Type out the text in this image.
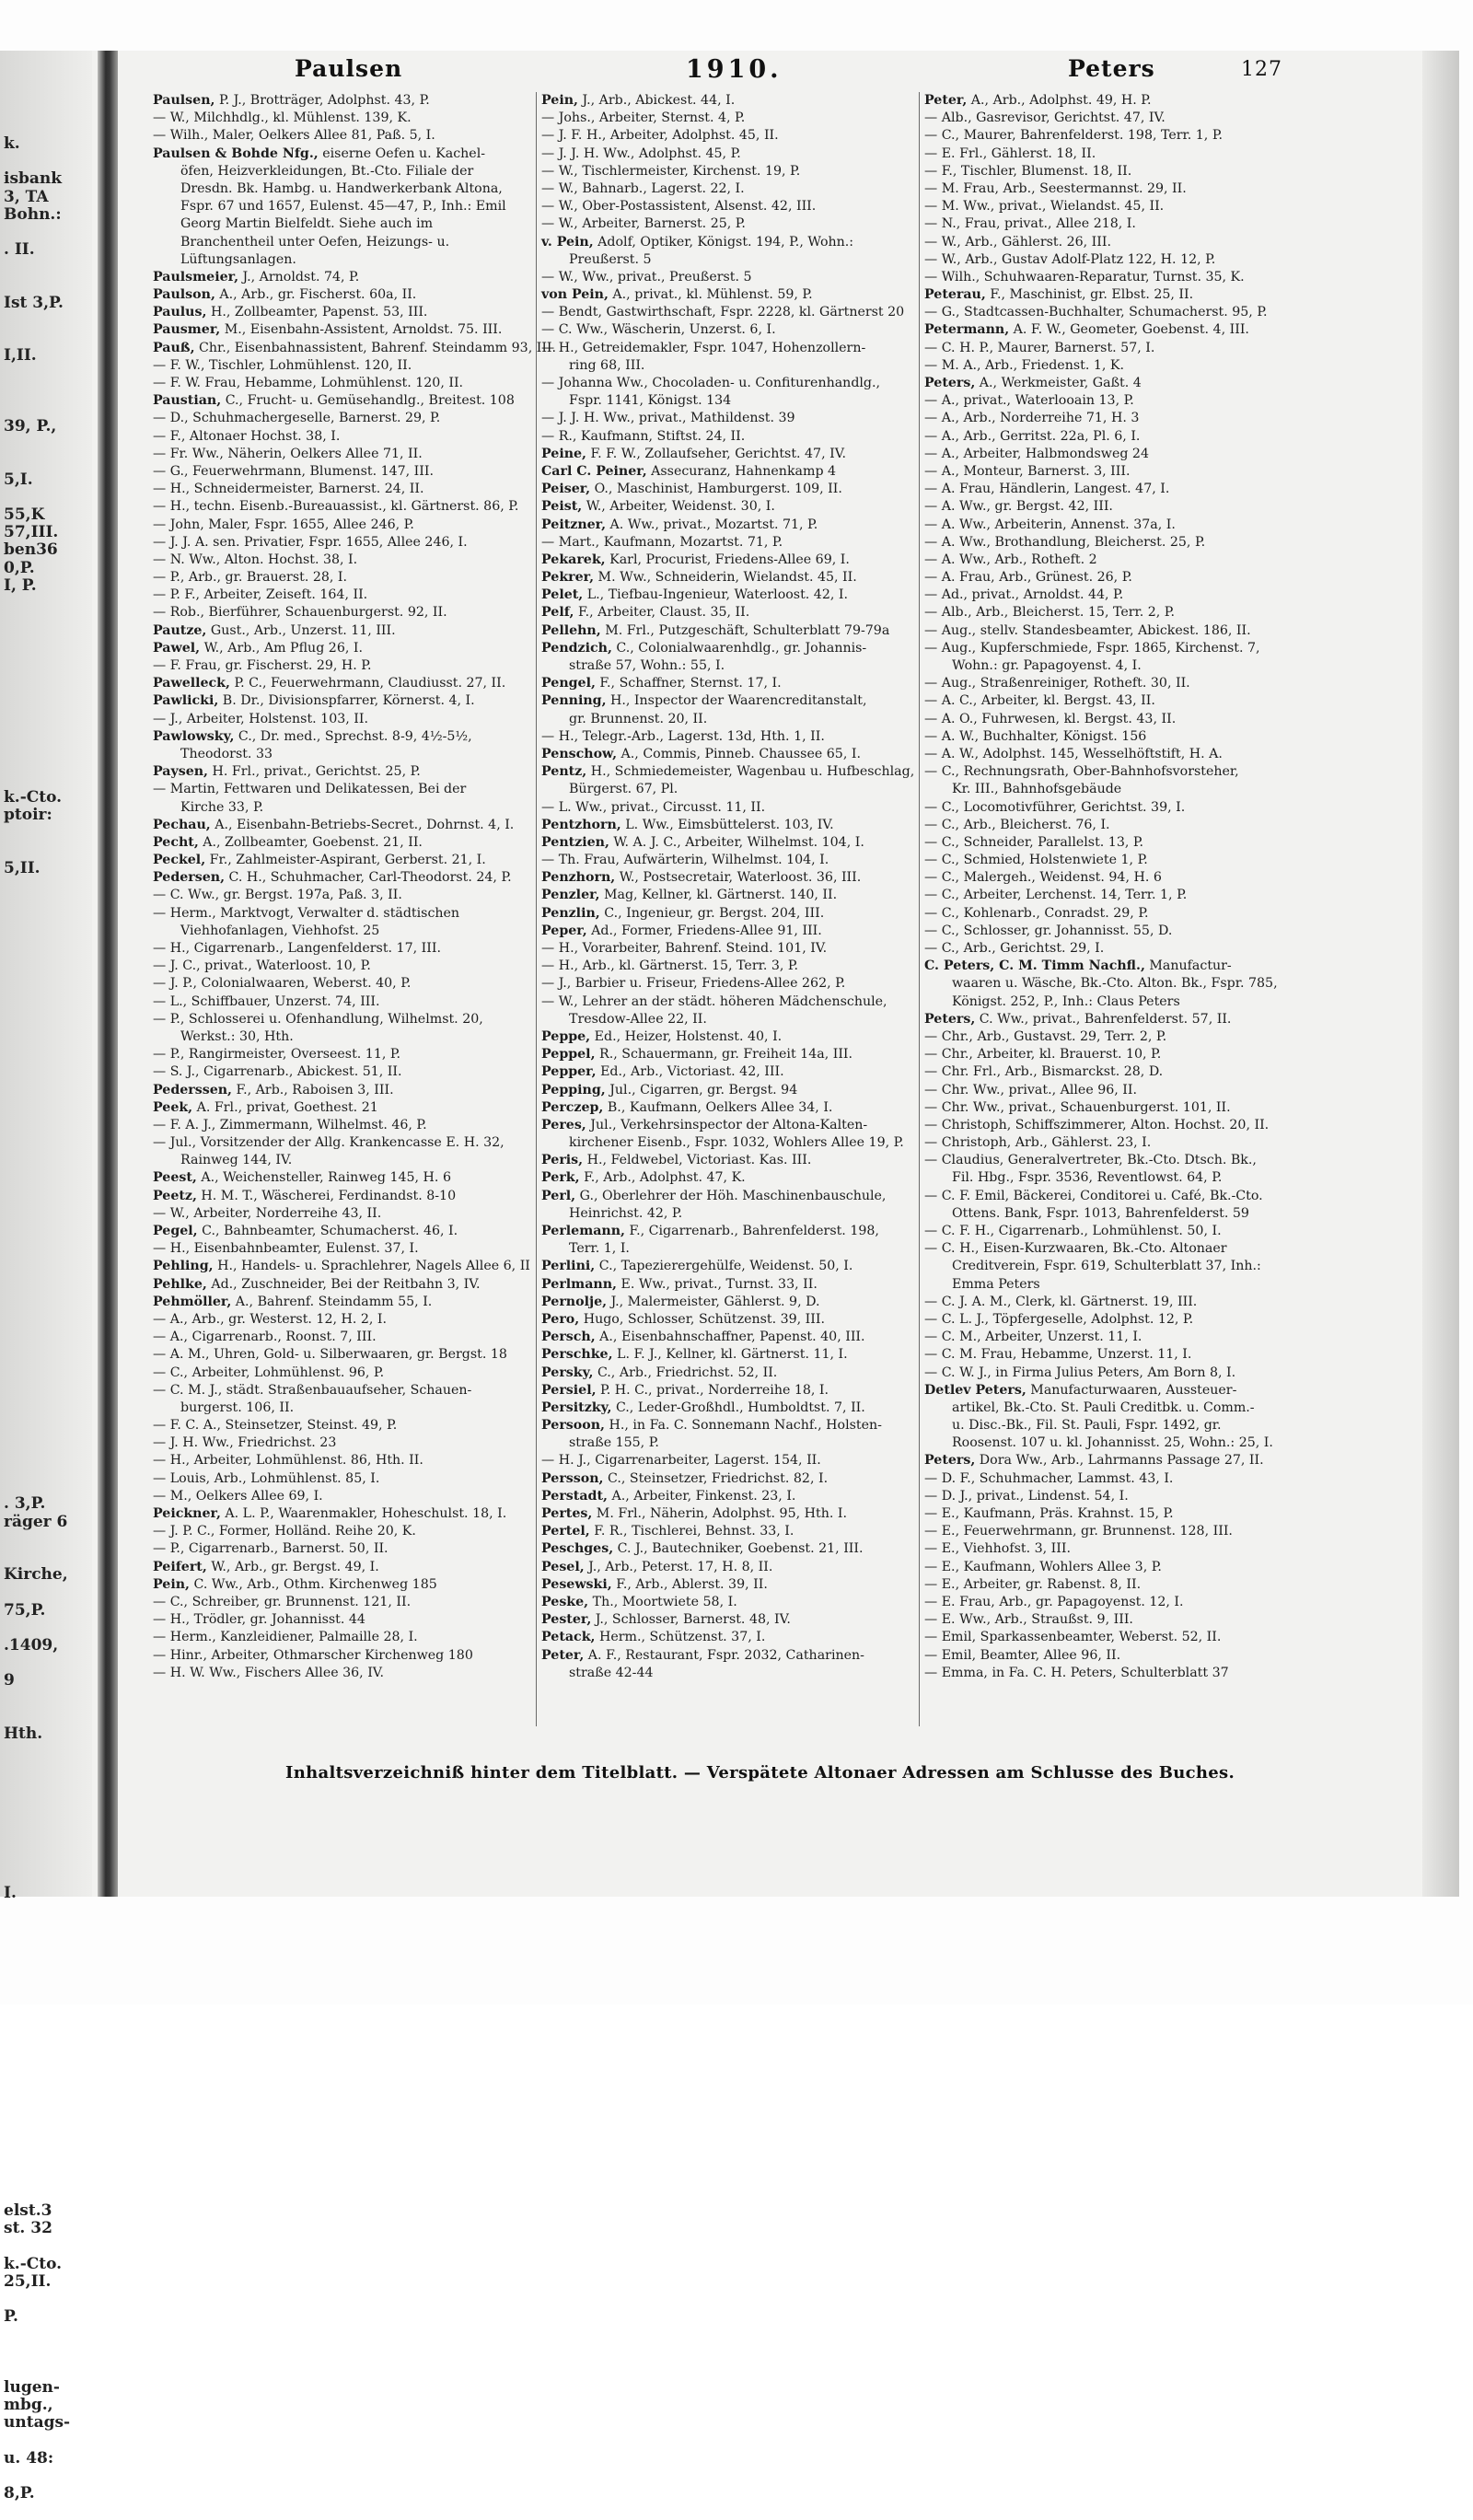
k.
isbank
3, TA
Bohn.:
. II.
Ist 3,P.
I,II.
39, P.,
5,I.
55,K
57,III.
ben36
0,P.
I, P.
k.-Cto.
ptoir:
5,II.
. 3,P.
räger 6
Kirche,
75,P.
.1409,
9
Hth.
I.
elst.3
st. 32
k.-Cto.
25,II.
P.
lugen-
mbg.,
untags-
u. 48:
8,P.
Paulsen	1910.	Peters	127
Paulsen, P. J., Brotträger, Adolphst. 43, P.
— W., Milchhdlg., kl. Mühlenst. 139, K.
— Wilh., Maler, Oelkers Allee 81, Paß. 5, I.
Paulsen & Bohde Nfg., eiserne Oefen u. Kachel-
öfen, Heizverkleidungen, Bt.-Cto. Filiale der
Dresdn. Bk. Hambg. u. Handwerkerbank Altona,
Fspr. 67 und 1657, Eulenst. 45—47, P., Inh.: Emil
Georg Martin Bielfeldt. Siehe auch im
Branchentheil unter Oefen, Heizungs- u.
Lüftungsanlagen.
Paulsmeier, J., Arnoldst. 74, P.
Paulson, A., Arb., gr. Fischerst. 60a, II.
Paulus, H., Zollbeamter, Papenst. 53, III.
Pausmer, M., Eisenbahn-Assistent, Arnoldst. 75. III.
Pauß, Chr., Eisenbahnassistent, Bahrenf. Steindamm 93, III.
— F. W., Tischler, Lohmühlenst. 120, II.
— F. W. Frau, Hebamme, Lohmühlenst. 120, II.
Paustian, C., Frucht- u. Gemüsehandlg., Breitest. 108
— D., Schuhmachergeselle, Barnerst. 29, P.
— F., Altonaer Hochst. 38, I.
— Fr. Ww., Näherin, Oelkers Allee 71, II.
— G., Feuerwehrmann, Blumenst. 147, III.
— H., Schneidermeister, Barnerst. 24, II.
— H., techn. Eisenb.-Bureauassist., kl. Gärtnerst. 86, P.
— John, Maler, Fspr. 1655, Allee 246, P.
— J. J. A. sen. Privatier, Fspr. 1655, Allee 246, I.
— N. Ww., Alton. Hochst. 38, I.
— P., Arb., gr. Brauerst. 28, I.
— P. F., Arbeiter, Zeiseft. 164, II.
— Rob., Bierführer, Schauenburgerst. 92, II.
Pautze, Gust., Arb., Unzerst. 11, III.
Pawel, W., Arb., Am Pflug 26, I.
— F. Frau, gr. Fischerst. 29, H. P.
Pawelleck, P. C., Feuerwehrmann, Claudiusst. 27, II.
Pawlicki, B. Dr., Divisionspfarrer, Körnerst. 4, I.
— J., Arbeiter, Holstenst. 103, II.
Pawlowsky, C., Dr. med., Sprechst. 8-9, 4½-5½,
Theodorst. 33
Paysen, H. Frl., privat., Gerichtst. 25, P.
— Martin, Fettwaren und Delikatessen, Bei der
Kirche 33, P.
Pechau, A., Eisenbahn-Betriebs-Secret., Dohrnst. 4, I.
Pecht, A., Zollbeamter, Goebenst. 21, II.
Peckel, Fr., Zahlmeister-Aspirant, Gerberst. 21, I.
Pedersen, C. H., Schuhmacher, Carl-Theodorst. 24, P.
— C. Ww., gr. Bergst. 197a, Paß. 3, II.
— Herm., Marktvogt, Verwalter d. städtischen
Viehhofanlagen, Viehhofst. 25
— H., Cigarrenarb., Langenfelderst. 17, III.
— J. C., privat., Waterloost. 10, P.
— J. P., Colonialwaaren, Weberst. 40, P.
— L., Schiffbauer, Unzerst. 74, III.
— P., Schlosserei u. Ofenhandlung, Wilhelmst. 20,
Werkst.: 30, Hth.
— P., Rangirmeister, Overseest. 11, P.
— S. J., Cigarrenarb., Abickest. 51, II.
Pederssen, F., Arb., Raboisen 3, III.
Peek, A. Frl., privat, Goethest. 21
— F. A. J., Zimmermann, Wilhelmst. 46, P.
— Jul., Vorsitzender der Allg. Krankencasse E. H. 32,
Rainweg 144, IV.
Peest, A., Weichensteller, Rainweg 145, H. 6
Peetz, H. M. T., Wäscherei, Ferdinandst. 8-10
— W., Arbeiter, Norderreihe 43, II.
Pegel, C., Bahnbeamter, Schumacherst. 46, I.
— H., Eisenbahnbeamter, Eulenst. 37, I.
Pehling, H., Handels- u. Sprachlehrer, Nagels Allee 6, II
Pehlke, Ad., Zuschneider, Bei der Reitbahn 3, IV.
Pehmöller, A., Bahrenf. Steindamm 55, I.
— A., Arb., gr. Westerst. 12, H. 2, I.
— A., Cigarrenarb., Roonst. 7, III.
— A. M., Uhren, Gold- u. Silberwaaren, gr. Bergst. 18
— C., Arbeiter, Lohmühlenst. 96, P.
— C. M. J., städt. Straßenbauaufseher, Schauen-
burgerst. 106, II.
— F. C. A., Steinsetzer, Steinst. 49, P.
— J. H. Ww., Friedrichst. 23
— H., Arbeiter, Lohmühlenst. 86, Hth. II.
— Louis, Arb., Lohmühlenst. 85, I.
— M., Oelkers Allee 69, I.
Peickner, A. L. P., Waarenmakler, Hoheschulst. 18, I.
— J. P. C., Former, Holländ. Reihe 20, K.
— P., Cigarrenarb., Barnerst. 50, II.
Peifert, W., Arb., gr. Bergst. 49, I.
Pein, C. Ww., Arb., Othm. Kirchenweg 185
— C., Schreiber, gr. Brunnenst. 121, II.
— H., Trödler, gr. Johannisst. 44
— Herm., Kanzleidiener, Palmaille 28, I.
— Hinr., Arbeiter, Othmarscher Kirchenweg 180
— H. W. Ww., Fischers Allee 36, IV.
Pein, J., Arb., Abickest. 44, I.
— Johs., Arbeiter, Sternst. 4, P.
— J. F. H., Arbeiter, Adolphst. 45, II.
— J. J. H. Ww., Adolphst. 45, P.
— W., Tischlermeister, Kirchenst. 19, P.
— W., Bahnarb., Lagerst. 22, I.
— W., Ober-Postassistent, Alsenst. 42, III.
— W., Arbeiter, Barnerst. 25, P.
v. Pein, Adolf, Optiker, Königst. 194, P., Wohn.:
Preußerst. 5
— W., Ww., privat., Preußerst. 5
von Pein, A., privat., kl. Mühlenst. 59, P.
— Bendt, Gastwirthschaft, Fspr. 2228, kl. Gärtnerst 20
— C. Ww., Wäscherin, Unzerst. 6, I.
— H., Getreidemakler, Fspr. 1047, Hohenzollern-
ring 68, III.
— Johanna Ww., Chocoladen- u. Confiturenhandlg.,
Fspr. 1141, Königst. 134
— J. J. H. Ww., privat., Mathildenst. 39
— R., Kaufmann, Stiftst. 24, II.
Peine, F. F. W., Zollaufseher, Gerichtst. 47, IV.
Carl C. Peiner, Assecuranz, Hahnenkamp 4
Peiser, O., Maschinist, Hamburgerst. 109, II.
Peist, W., Arbeiter, Weidenst. 30, I.
Peitzner, A. Ww., privat., Mozartst. 71, P.
— Mart., Kaufmann, Mozartst. 71, P.
Pekarek, Karl, Procurist, Friedens-Allee 69, I.
Pekrer, M. Ww., Schneiderin, Wielandst. 45, II.
Pelet, L., Tiefbau-Ingenieur, Waterloost. 42, I.
Pelf, F., Arbeiter, Claust. 35, II.
Pellehn, M. Frl., Putzgeschäft, Schulterblatt 79-79a
Pendzich, C., Colonialwaarenhdlg., gr. Johannis-
straße 57, Wohn.: 55, I.
Pengel, F., Schaffner, Sternst. 17, I.
Penning, H., Inspector der Waarencreditanstalt,
gr. Brunnenst. 20, II.
— H., Telegr.-Arb., Lagerst. 13d, Hth. 1, II.
Penschow, A., Commis, Pinneb. Chaussee 65, I.
Pentz, H., Schmiedemeister, Wagenbau u. Hufbeschlag,
Bürgerst. 67, Pl.
— L. Ww., privat., Circusst. 11, II.
Pentzhorn, L. Ww., Eimsbüttelerst. 103, IV.
Pentzien, W. A. J. C., Arbeiter, Wilhelmst. 104, I.
— Th. Frau, Aufwärterin, Wilhelmst. 104, I.
Penzhorn, W., Postsecretair, Waterloost. 36, III.
Penzler, Mag, Kellner, kl. Gärtnerst. 140, II.
Penzlin, C., Ingenieur, gr. Bergst. 204, III.
Peper, Ad., Former, Friedens-Allee 91, III.
— H., Vorarbeiter, Bahrenf. Steind. 101, IV.
— H., Arb., kl. Gärtnerst. 15, Terr. 3, P.
— J., Barbier u. Friseur, Friedens-Allee 262, P.
— W., Lehrer an der städt. höheren Mädchenschule,
Tresdow-Allee 22, II.
Peppe, Ed., Heizer, Holstenst. 40, I.
Peppel, R., Schauermann, gr. Freiheit 14a, III.
Pepper, Ed., Arb., Victoriast. 42, III.
Pepping, Jul., Cigarren, gr. Bergst. 94
Perczep, B., Kaufmann, Oelkers Allee 34, I.
Peres, Jul., Verkehrsinspector der Altona-Kalten-
kirchener Eisenb., Fspr. 1032, Wohlers Allee 19, P.
Peris, H., Feldwebel, Victoriast. Kas. III.
Perk, F., Arb., Adolphst. 47, K.
Perl, G., Oberlehrer der Höh. Maschinenbauschule,
Heinrichst. 42, P.
Perlemann, F., Cigarrenarb., Bahrenfelderst. 198,
Terr. 1, I.
Perlini, C., Tapezierergehülfe, Weidenst. 50, I.
Perlmann, E. Ww., privat., Turnst. 33, II.
Pernolje, J., Malermeister, Gählerst. 9, D.
Pero, Hugo, Schlosser, Schützenst. 39, III.
Persch, A., Eisenbahnschaffner, Papenst. 40, III.
Perschke, L. F. J., Kellner, kl. Gärtnerst. 11, I.
Persky, C., Arb., Friedrichst. 52, II.
Persiel, P. H. C., privat., Norderreihe 18, I.
Persitzky, C., Leder-Großhdl., Humboldtst. 7, II.
Persoon, H., in Fa. C. Sonnemann Nachf., Holsten-
straße 155, P.
— H. J., Cigarrenarbeiter, Lagerst. 154, II.
Persson, C., Steinsetzer, Friedrichst. 82, I.
Perstadt, A., Arbeiter, Finkenst. 23, I.
Pertes, M. Frl., Näherin, Adolphst. 95, Hth. I.
Pertel, F. R., Tischlerei, Behnst. 33, I.
Peschges, C. J., Bautechniker, Goebenst. 21, III.
Pesel, J., Arb., Peterst. 17, H. 8, II.
Pesewski, F., Arb., Ablerst. 39, II.
Peske, Th., Moortwiete 58, I.
Pester, J., Schlosser, Barnerst. 48, IV.
Petack, Herm., Schützenst. 37, I.
Peter, A. F., Restaurant, Fspr. 2032, Catharinen-
straße 42-44
Peter, A., Arb., Adolphst. 49, H. P.
— Alb., Gasrevisor, Gerichtst. 47, IV.
— C., Maurer, Bahrenfelderst. 198, Terr. 1, P.
— E. Frl., Gählerst. 18, II.
— F., Tischler, Blumenst. 18, II.
— M. Frau, Arb., Seestermannst. 29, II.
— M. Ww., privat., Wielandst. 45, II.
— N., Frau, privat., Allee 218, I.
— W., Arb., Gählerst. 26, III.
— W., Arb., Gustav Adolf-Platz 122, H. 12, P.
— Wilh., Schuhwaaren-Reparatur, Turnst. 35, K.
Peterau, F., Maschinist, gr. Elbst. 25, II.
— G., Stadtcassen-Buchhalter, Schumacherst. 95, P.
Petermann, A. F. W., Geometer, Goebenst. 4, III.
— C. H. P., Maurer, Barnerst. 57, I.
— M. A., Arb., Friedenst. 1, K.
Peters, A., Werkmeister, Gaßt. 4
— A., privat., Waterlooain 13, P.
— A., Arb., Norderreihe 71, H. 3
— A., Arb., Gerritst. 22a, Pl. 6, I.
— A., Arbeiter, Halbmondsweg 24
— A., Monteur, Barnerst. 3, III.
— A. Frau, Händlerin, Langest. 47, I.
— A. Ww., gr. Bergst. 42, III.
— A. Ww., Arbeiterin, Annenst. 37a, I.
— A. Ww., Brothandlung, Bleicherst. 25, P.
— A. Ww., Arb., Rotheft. 2
— A. Frau, Arb., Grünest. 26, P.
— Ad., privat., Arnoldst. 44, P.
— Alb., Arb., Bleicherst. 15, Terr. 2, P.
— Aug., stellv. Standesbeamter, Abickest. 186, II.
— Aug., Kupferschmiede, Fspr. 1865, Kirchenst. 7,
Wohn.: gr. Papagoyenst. 4, I.
— Aug., Straßenreiniger, Rotheft. 30, II.
— A. C., Arbeiter, kl. Bergst. 43, II.
— A. O., Fuhrwesen, kl. Bergst. 43, II.
— A. W., Buchhalter, Königst. 156
— A. W., Adolphst. 145, Wesselhöftstift, H. A.
— C., Rechnungsrath, Ober-Bahnhofsvorsteher,
Kr. III., Bahnhofsgebäude
— C., Locomotivführer, Gerichtst. 39, I.
— C., Arb., Bleicherst. 76, I.
— C., Schneider, Parallelst. 13, P.
— C., Schmied, Holstenwiete 1, P.
— C., Malergeh., Weidenst. 94, H. 6
— C., Arbeiter, Lerchenst. 14, Terr. 1, P.
— C., Kohlenarb., Conradst. 29, P.
— C., Schlosser, gr. Johannisst. 55, D.
— C., Arb., Gerichtst. 29, I.
C. Peters, C. M. Timm Nachfl., Manufactur-
waaren u. Wäsche, Bk.-Cto. Alton. Bk., Fspr. 785,
Königst. 252, P., Inh.: Claus Peters
Peters, C. Ww., privat., Bahrenfelderst. 57, II.
— Chr., Arb., Gustavst. 29, Terr. 2, P.
— Chr., Arbeiter, kl. Brauerst. 10, P.
— Chr. Frl., Arb., Bismarckst. 28, D.
— Chr. Ww., privat., Allee 96, II.
— Chr. Ww., privat., Schauenburgerst. 101, II.
— Christoph, Schiffszimmerer, Alton. Hochst. 20, II.
— Christoph, Arb., Gählerst. 23, I.
— Claudius, Generalvertreter, Bk.-Cto. Dtsch. Bk.,
Fil. Hbg., Fspr. 3536, Reventlowst. 64, P.
— C. F. Emil, Bäckerei, Conditorei u. Café, Bk.-Cto.
Ottens. Bank, Fspr. 1013, Bahrenfelderst. 59
— C. F. H., Cigarrenarb., Lohmühlenst. 50, I.
— C. H., Eisen-Kurzwaaren, Bk.-Cto. Altonaer
Creditverein, Fspr. 619, Schulterblatt 37, Inh.:
Emma Peters
— C. J. A. M., Clerk, kl. Gärtnerst. 19, III.
— C. L. J., Töpfergeselle, Adolphst. 12, P.
— C. M., Arbeiter, Unzerst. 11, I.
— C. M. Frau, Hebamme, Unzerst. 11, I.
— C. W. J., in Firma Julius Peters, Am Born 8, I.
Detlev Peters, Manufacturwaaren, Aussteuer-
artikel, Bk.-Cto. St. Pauli Creditbk. u. Comm.-
u. Disc.-Bk., Fil. St. Pauli, Fspr. 1492, gr.
Roosenst. 107 u. kl. Johannisst. 25, Wohn.: 25, I.
Peters, Dora Ww., Arb., Lahrmanns Passage 27, II.
— D. F., Schuhmacher, Lammst. 43, I.
— D. J., privat., Lindenst. 54, I.
— E., Kaufmann, Präs. Krahnst. 15, P.
— E., Feuerwehrmann, gr. Brunnenst. 128, III.
— E., Viehhofst. 3, III.
— E., Kaufmann, Wohlers Allee 3, P.
— E., Arbeiter, gr. Rabenst. 8, II.
— E. Frau, Arb., gr. Papagoyenst. 12, I.
— E. Ww., Arb., Straußst. 9, III.
— Emil, Sparkassenbeamter, Weberst. 52, II.
— Emil, Beamter, Allee 96, II.
— Emma, in Fa. C. H. Peters, Schulterblatt 37
Inhaltsverzeichniß hinter dem Titelblatt. — Verspätete Altonaer Adressen am Schlusse des Buches.
